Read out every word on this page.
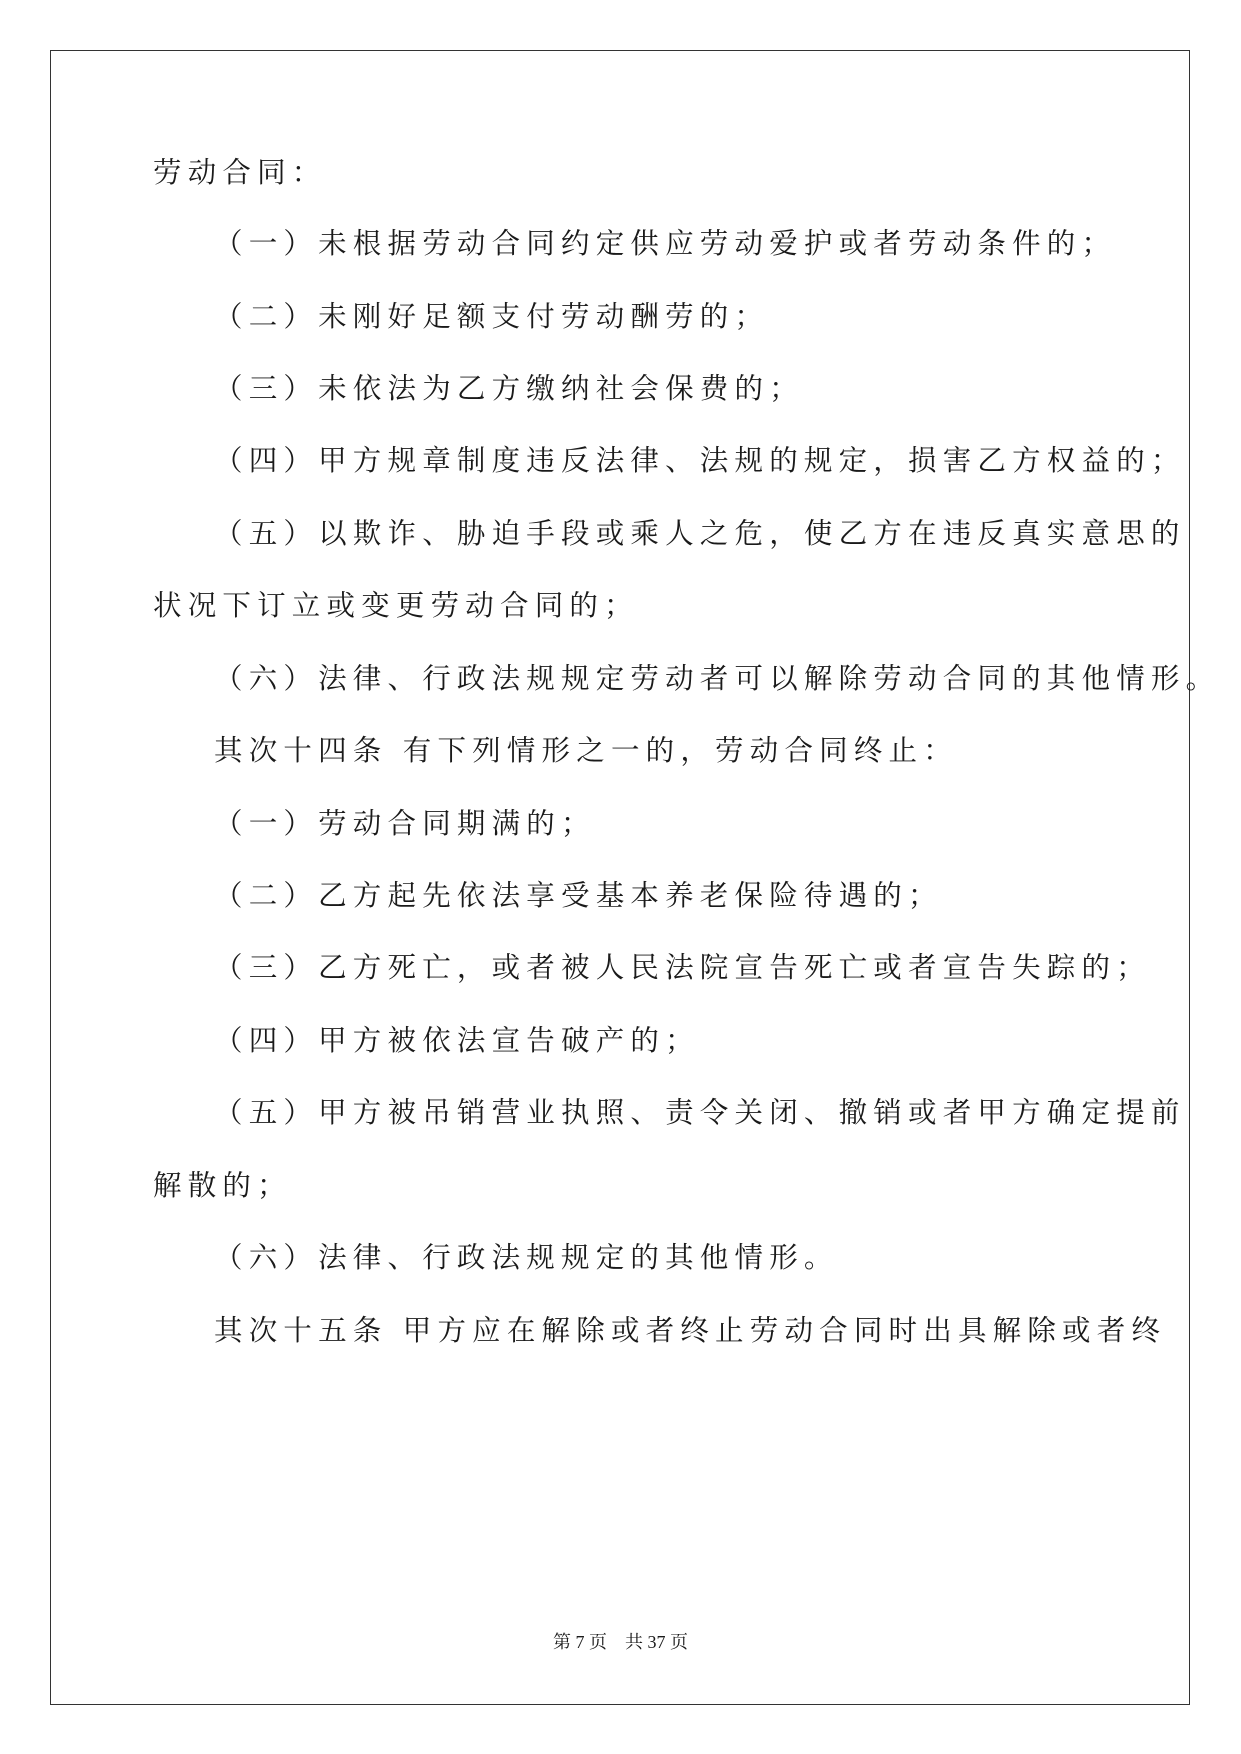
劳动合同：
（一）未根据劳动合同约定供应劳动爱护或者劳动条件的；
（二）未刚好足额支付劳动酬劳的；
（三）未依法为乙方缴纳社会保费的；
（四）甲方规章制度违反法律、法规的规定，损害乙方权益的；
（五）以欺诈、胁迫手段或乘人之危，使乙方在违反真实意思的
状况下订立或变更劳动合同的；
（六）法律、行政法规规定劳动者可以解除劳动合同的其他情形。
其次十四条 有下列情形之一的，劳动合同终止：
（一）劳动合同期满的；
（二）乙方起先依法享受基本养老保险待遇的；
（三）乙方死亡，或者被人民法院宣告死亡或者宣告失踪的；
（四）甲方被依法宣告破产的；
（五）甲方被吊销营业执照、责令关闭、撤销或者甲方确定提前
解散的；
（六）法律、行政法规规定的其他情形。
其次十五条 甲方应在解除或者终止劳动合同时出具解除或者终
第 7 页　共 37 页
